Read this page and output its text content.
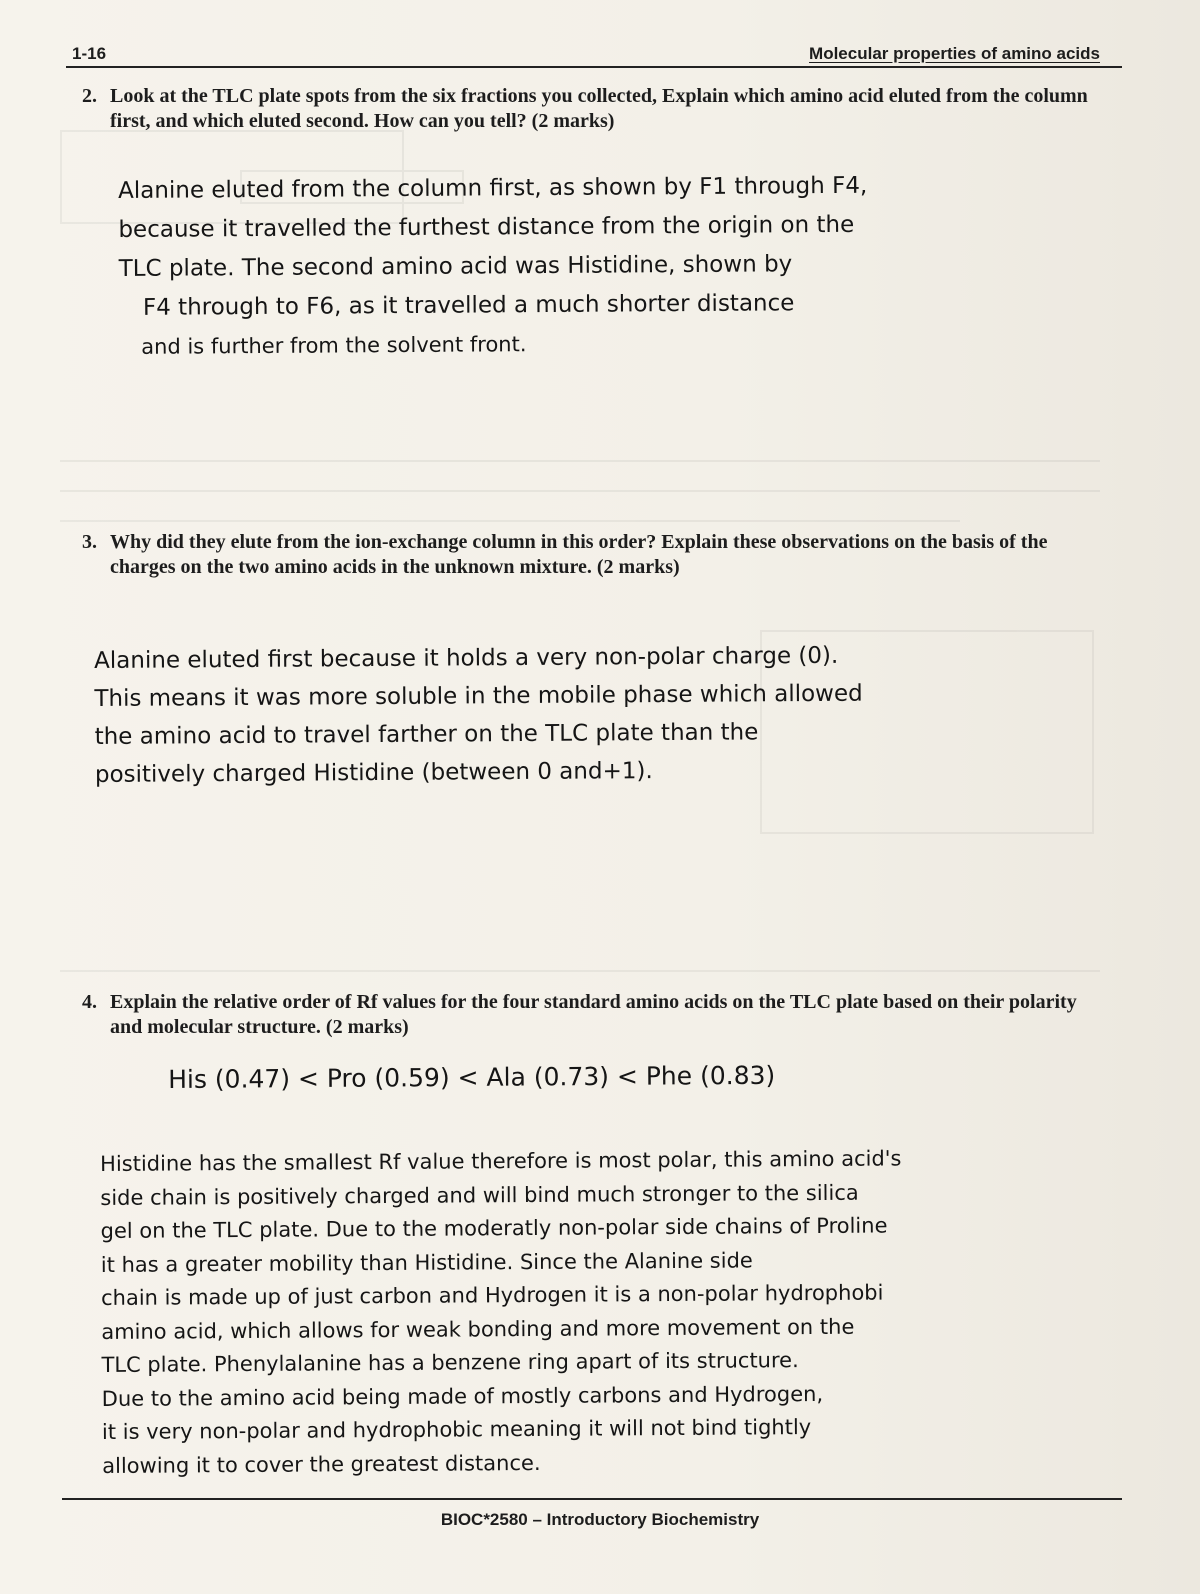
1-16	Molecular properties of amino acids
2. Look at the TLC plate spots from the six fractions you collected, Explain which amino acid eluted from the column first, and which eluted second. How can you tell? (2 marks)
Alanine eluted from the column first, as shown by F1 through F4,
because it travelled the furthest distance from the origin on the
TLC plate. The second amino acid was Histidine, shown by
F4 through to F6, as it travelled a much shorter distance
and is further from the solvent front.
3. Why did they elute from the ion-exchange column in this order? Explain these observations on the basis of the charges on the two amino acids in the unknown mixture. (2 marks)
Alanine eluted first because it holds a very non-polar charge (0).
This means it was more soluble in the mobile phase which allowed
the amino acid to travel farther on the TLC plate than the
positively charged Histidine (between 0 and+1).
4. Explain the relative order of Rf values for the four standard amino acids on the TLC plate based on their polarity and molecular structure. (2 marks)
His (0.47) < Pro (0.59) < Ala (0.73) < Phe (0.83)
Histidine has the smallest Rf value therefore is most polar, this amino acid's
side chain is positively charged and will bind much stronger to the silica
gel on the TLC plate. Due to the moderatly non-polar side chains of Proline
it has a greater mobility than Histidine. Since the Alanine side
chain is made up of just carbon and Hydrogen it is a non-polar hydrophobi
amino acid, which allows for weak bonding and more movement on the
TLC plate. Phenylalanine has a benzene ring apart of its structure.
Due to the amino acid being made of mostly carbons and Hydrogen,
it is very non-polar and hydrophobic meaning it will not bind tightly
allowing it to cover the greatest distance.
BIOC*2580 – Introductory Biochemistry
